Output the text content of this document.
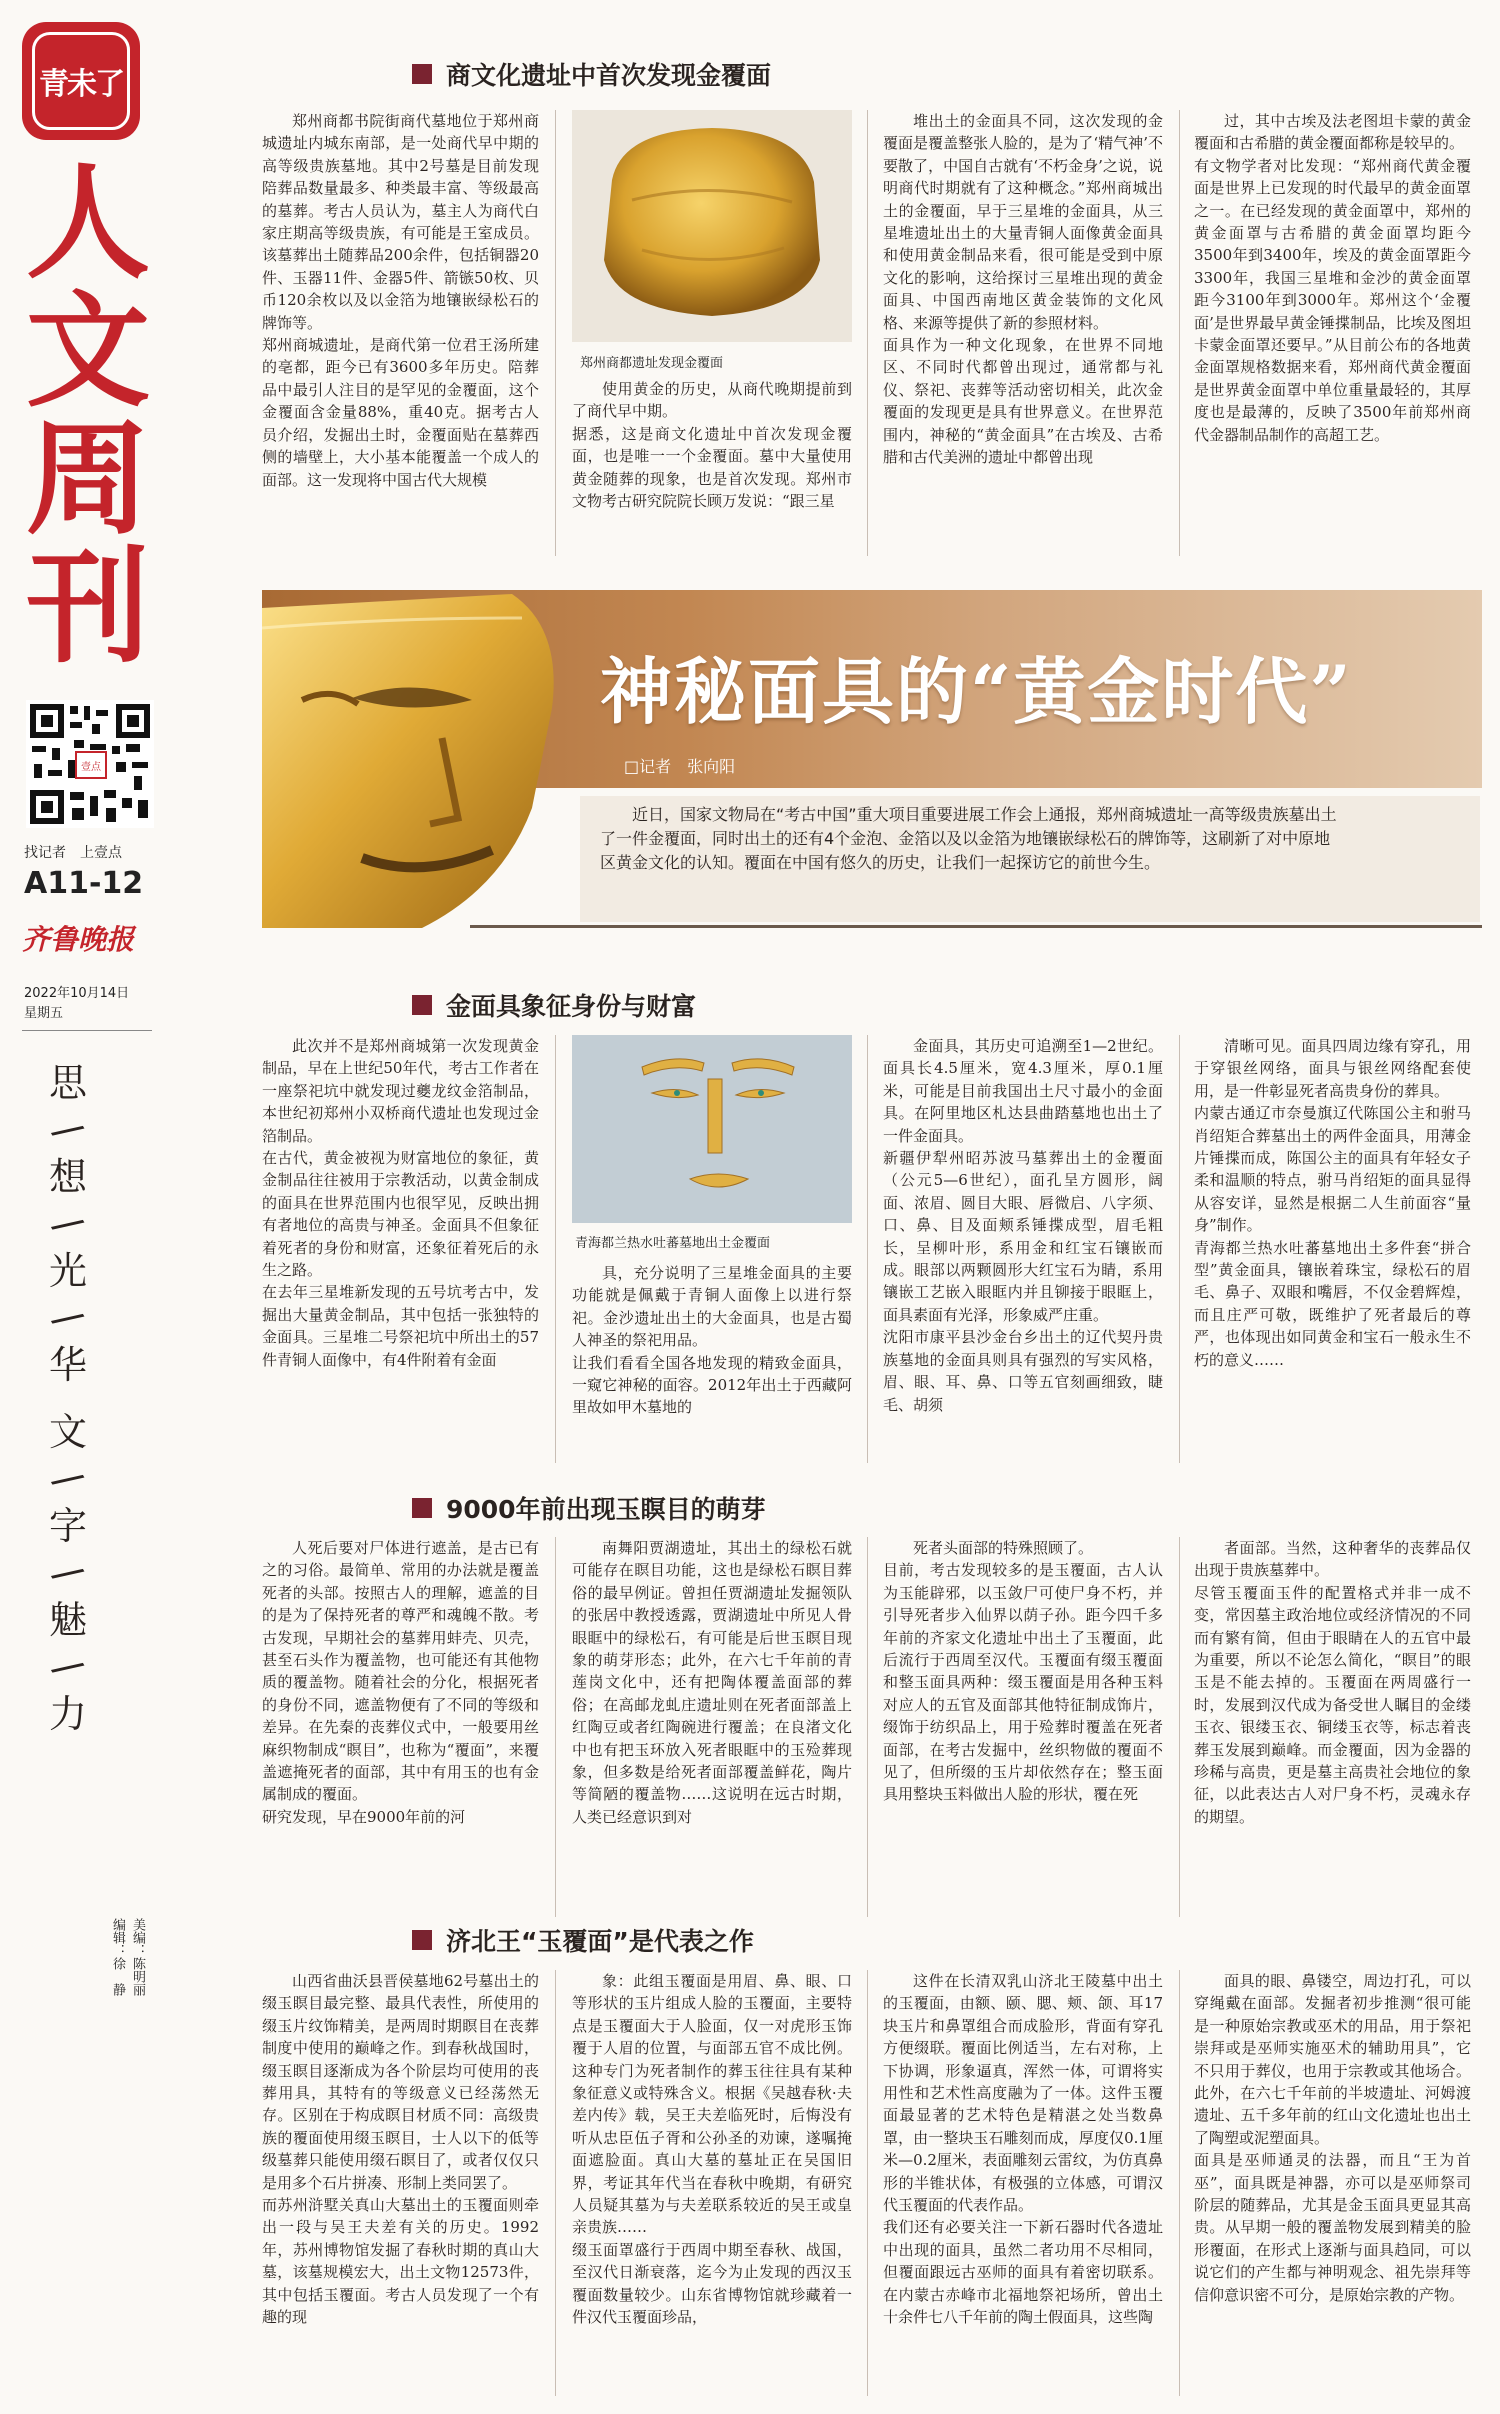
青未了
人
文
周
刊
壹点
找记者　上壹点
A11-12
齐鲁晚报
2022年10月14日
星期五
思
/
想
/
光
/
华
文
/
字
/
魅
/
力
美编：陈明丽
编辑：徐　静
商文化遗址中首次发现金覆面
郑州商都书院街商代墓地位于郑州商城遗址内城东南部，是一处商代早中期的高等级贵族墓地。其中2号墓是目前发现陪葬品数量最多、种类最丰富、等级最高的墓葬。考古人员认为，墓主人为商代白家庄期高等级贵族，有可能是王室成员。该墓葬出土随葬品200余件，包括铜器20件、玉器11件、金器5件、箭镞50枚、贝币120余枚以及以金箔为地镶嵌绿松石的牌饰等。
郑州商城遗址，是商代第一位君王汤所建的亳都，距今已有3600多年历史。陪葬品中最引人注目的是罕见的金覆面，这个金覆面含金量88%，重40克。据考古人员介绍，发掘出土时，金覆面贴在墓葬西侧的墙壁上，大小基本能覆盖一个成人的面部。这一发现将中国古代大规模
郑州商都遗址发现金覆面
使用黄金的历史，从商代晚期提前到了商代早中期。
据悉，这是商文化遗址中首次发现金覆面，也是唯一一个金覆面。墓中大量使用黄金随葬的现象，也是首次发现。郑州市文物考古研究院院长顾万发说：“跟三星
堆出土的金面具不同，这次发现的金覆面是覆盖整张人脸的，是为了‘精气神’不要散了，中国自古就有‘不朽金身’之说，说明商代时期就有了这种概念。”郑州商城出土的金覆面，早于三星堆的金面具，从三星堆遗址出土的大量青铜人面像黄金面具和使用黄金制品来看，很可能是受到中原文化的影响，这给探讨三星堆出现的黄金面具、中国西南地区黄金装饰的文化风格、来源等提供了新的参照材料。
面具作为一种文化现象，在世界不同地区、不同时代都曾出现过，通常都与礼仪、祭祀、丧葬等活动密切相关，此次金覆面的发现更是具有世界意义。在世界范围内，神秘的“黄金面具”在古埃及、古希腊和古代美洲的遗址中都曾出现
过，其中古埃及法老图坦卡蒙的黄金覆面和古希腊的黄金覆面都称是较早的。
有文物学者对比发现：“郑州商代黄金覆面是世界上已发现的时代最早的黄金面罩之一。在已经发现的黄金面罩中，郑州的黄金面罩与古希腊的黄金面罩均距今3500年到3400年，埃及的黄金面罩距今3300年，我国三星堆和金沙的黄金面罩距今3100年到3000年。郑州这个‘金覆面’是世界最早黄金锤揲制品，比埃及图坦卡蒙金面罩还要早。”从目前公布的各地黄金面罩规格数据来看，郑州商代黄金覆面是世界黄金面罩中单位重量最轻的，其厚度也是最薄的，反映了3500年前郑州商代金器制品制作的高超工艺。
神秘面具的“黄金时代”
□记者　张向阳
近日，国家文物局在“考古中国”重大项目重要进展工作会上通报，郑州商城遗址一高等级贵族墓出土了一件金覆面，同时出土的还有4个金泡、金箔以及以金箔为地镶嵌绿松石的牌饰等，这刷新了对中原地区黄金文化的认知。覆面在中国有悠久的历史，让我们一起探访它的前世今生。
金面具象征身份与财富
此次并不是郑州商城第一次发现黄金制品，早在上世纪50年代，考古工作者在一座祭祀坑中就发现过夔龙纹金箔制品，本世纪初郑州小双桥商代遗址也发现过金箔制品。
在古代，黄金被视为财富地位的象征，黄金制品往往被用于宗教活动，以黄金制成的面具在世界范围内也很罕见，反映出拥有者地位的高贵与神圣。金面具不但象征着死者的身份和财富，还象征着死后的永生之路。
在去年三星堆新发现的五号坑考古中，发掘出大量黄金制品，其中包括一张独特的金面具。三星堆二号祭祀坑中所出土的57件青铜人面像中，有4件附着有金面
青海都兰热水吐蕃墓地出土金覆面
具，充分说明了三星堆金面具的主要功能就是佩戴于青铜人面像上以进行祭祀。金沙遗址出土的大金面具，也是古蜀人神圣的祭祀用品。
让我们看看全国各地发现的精致金面具，一窥它神秘的面容。2012年出土于西藏阿里故如甲木墓地的
金面具，其历史可追溯至1—2世纪。面具长4.5厘米，宽4.3厘米，厚0.1厘米，可能是目前我国出土尺寸最小的金面具。在阿里地区札达县曲踏墓地也出土了一件金面具。
新疆伊犁州昭苏波马墓葬出土的金覆面（公元5—6世纪），面孔呈方圆形，阔面、浓眉、圆目大眼、唇微启、八字须、口、鼻、目及面颊系锤揲成型，眉毛粗长，呈柳叶形，系用金和红宝石镶嵌而成。眼部以两颗圆形大红宝石为睛，系用镶嵌工艺嵌入眼眶内并且铆接于眼眶上，面具素面有光泽，形象威严庄重。
沈阳市康平县沙金台乡出土的辽代契丹贵族墓地的金面具则具有强烈的写实风格，眉、眼、耳、鼻、口等五官刻画细致，睫毛、胡须
清晰可见。面具四周边缘有穿孔，用于穿银丝网络，面具与银丝网络配套使用，是一件彰显死者高贵身份的葬具。
内蒙古通辽市奈曼旗辽代陈国公主和驸马肖绍矩合葬墓出土的两件金面具，用薄金片锤揲而成，陈国公主的面具有年轻女子柔和温顺的特点，驸马肖绍矩的面具显得从容安详，显然是根据二人生前面容“量身”制作。
青海都兰热水吐蕃墓地出土多件套“拼合型”黄金面具，镶嵌着珠宝，绿松石的眉毛、鼻子、双眼和嘴唇，不仅金碧辉煌，而且庄严可敬，既维护了死者最后的尊严，也体现出如同黄金和宝石一般永生不朽的意义……
9000年前出现玉瞑目的萌芽
人死后要对尸体进行遮盖，是古已有之的习俗。最简单、常用的办法就是覆盖死者的头部。按照古人的理解，遮盖的目的是为了保持死者的尊严和魂魄不散。考古发现，早期社会的墓葬用蚌壳、贝壳，甚至石头作为覆盖物，也可能还有其他物质的覆盖物。随着社会的分化，根据死者的身份不同，遮盖物便有了不同的等级和差异。在先秦的丧葬仪式中，一般要用丝麻织物制成“瞑目”，也称为“覆面”，来覆盖遮掩死者的面部，其中有用玉的也有金属制成的覆面。
研究发现，早在9000年前的河
南舞阳贾湖遗址，其出土的绿松石就可能存在瞑目功能，这也是绿松石瞑目葬俗的最早例证。曾担任贾湖遗址发掘领队的张居中教授透露，贾湖遗址中所见人骨眼眶中的绿松石，有可能是后世玉瞑目现象的萌芽形态；此外，在六七千年前的青莲岗文化中，还有把陶体覆盖面部的葬俗；在高邮龙虬庄遗址则在死者面部盖上红陶豆或者红陶碗进行覆盖；在良渚文化中也有把玉环放入死者眼眶中的玉殓葬现象，但多数是给死者面部覆盖鲜花，陶片等简陋的覆盖物……这说明在远古时期，人类已经意识到对
死者头面部的特殊照顾了。
目前，考古发现较多的是玉覆面，古人认为玉能辟邪，以玉敛尸可使尸身不朽，并引导死者步入仙界以荫子孙。距今四千多年前的齐家文化遗址中出土了玉覆面，此后流行于西周至汉代。玉覆面有缀玉覆面和整玉面具两种：缀玉覆面是用各种玉料对应人的五官及面部其他特征制成饰片，缀饰于纺织品上，用于殓葬时覆盖在死者面部，在考古发掘中，丝织物做的覆面不见了，但所缀的玉片却依然存在；整玉面具用整块玉料做出人脸的形状，覆在死
者面部。当然，这种奢华的丧葬品仅出现于贵族墓葬中。
尽管玉覆面玉件的配置格式并非一成不变，常因墓主政治地位或经济情况的不同而有繁有简，但由于眼睛在人的五官中最为重要，所以不论怎么简化，“瞑目”的眼玉是不能去掉的。玉覆面在两周盛行一时，发展到汉代成为备受世人瞩目的金缕玉衣、银缕玉衣、铜缕玉衣等，标志着丧葬玉发展到巅峰。而金覆面，因为金器的珍稀与高贵，更是墓主高贵社会地位的象征，以此表达古人对尸身不朽，灵魂永存的期望。
济北王“玉覆面”是代表之作
山西省曲沃县晋侯墓地62号墓出土的缀玉瞑目最完整、最具代表性，所使用的缀玉片纹饰精美，是两周时期瞑目在丧葬制度中使用的巅峰之作。到春秋战国时，缀玉瞑目逐渐成为各个阶层均可使用的丧葬用具，其特有的等级意义已经荡然无存。区别在于构成瞑目材质不同：高级贵族的覆面使用缀玉瞑目，士人以下的低等级墓葬只能使用缀石瞑目了，或者仅仅只是用多个石片拼凑、形制上类同罢了。
而苏州浒墅关真山大墓出土的玉覆面则牵出一段与吴王夫差有关的历史。1992年，苏州博物馆发掘了春秋时期的真山大墓，该墓规模宏大，出土文物12573件，其中包括玉覆面。考古人员发现了一个有趣的现
象：此组玉覆面是用眉、鼻、眼、口等形状的玉片组成人脸的玉覆面，主要特点是玉覆面大于人脸面，仅一对虎形玉饰覆于人眉的位置，与面部五官不成比例。这种专门为死者制作的葬玉往往具有某种象征意义或特殊含义。根据《吴越春秋·夫差内传》载，吴王夫差临死时，后悔没有听从忠臣伍子胥和公孙圣的劝谏，遂嘱掩面遮脸面。真山大墓的墓址正在吴国旧界，考证其年代当在春秋中晚期，有研究人员疑其墓为与夫差联系较近的吴王或皇亲贵族……
缀玉面罩盛行于西周中期至春秋、战国，至汉代日渐衰落，迄今为止发现的西汉玉覆面数量较少。山东省博物馆就珍藏着一件汉代玉覆面珍品，
这件在长清双乳山济北王陵墓中出土的玉覆面，由额、颐、腮、颊、颌、耳17块玉片和鼻罩组合而成脸形，背面有穿孔方便缀联。覆面比例适当，左右对称，上下协调，形象逼真，浑然一体，可谓将实用性和艺术性高度融为了一体。这件玉覆面最显著的艺术特色是精湛之处当数鼻罩，由一整块玉石雕刻而成，厚度仅0.1厘米—0.2厘米，表面雕刻云雷纹，为仿真鼻形的半锥状体，有极强的立体感，可谓汉代玉覆面的代表作品。
我们还有必要关注一下新石器时代各遗址中出现的面具，虽然二者功用不尽相同，但覆面跟远古巫师的面具有着密切联系。在内蒙古赤峰市北福地祭祀场所，曾出土十余件七八千年前的陶土假面具，这些陶
面具的眼、鼻镂空，周边打孔，可以穿绳戴在面部。发掘者初步推测“很可能是一种原始宗教或巫术的用品，用于祭祀崇拜或是巫师实施巫术的辅助用具”，它不只用于葬仪，也用于宗教或其他场合。此外，在六七千年前的半坡遗址、河姆渡遗址、五千多年前的红山文化遗址也出土了陶塑或泥塑面具。
面具是巫师通灵的法器，而且“王为首巫”，面具既是神器，亦可以是巫师祭司阶层的随葬品，尤其是金玉面具更显其高贵。从早期一般的覆盖物发展到精美的脸形覆面，在形式上逐渐与面具趋同，可以说它们的产生都与神明观念、祖先崇拜等信仰意识密不可分，是原始宗教的产物。
